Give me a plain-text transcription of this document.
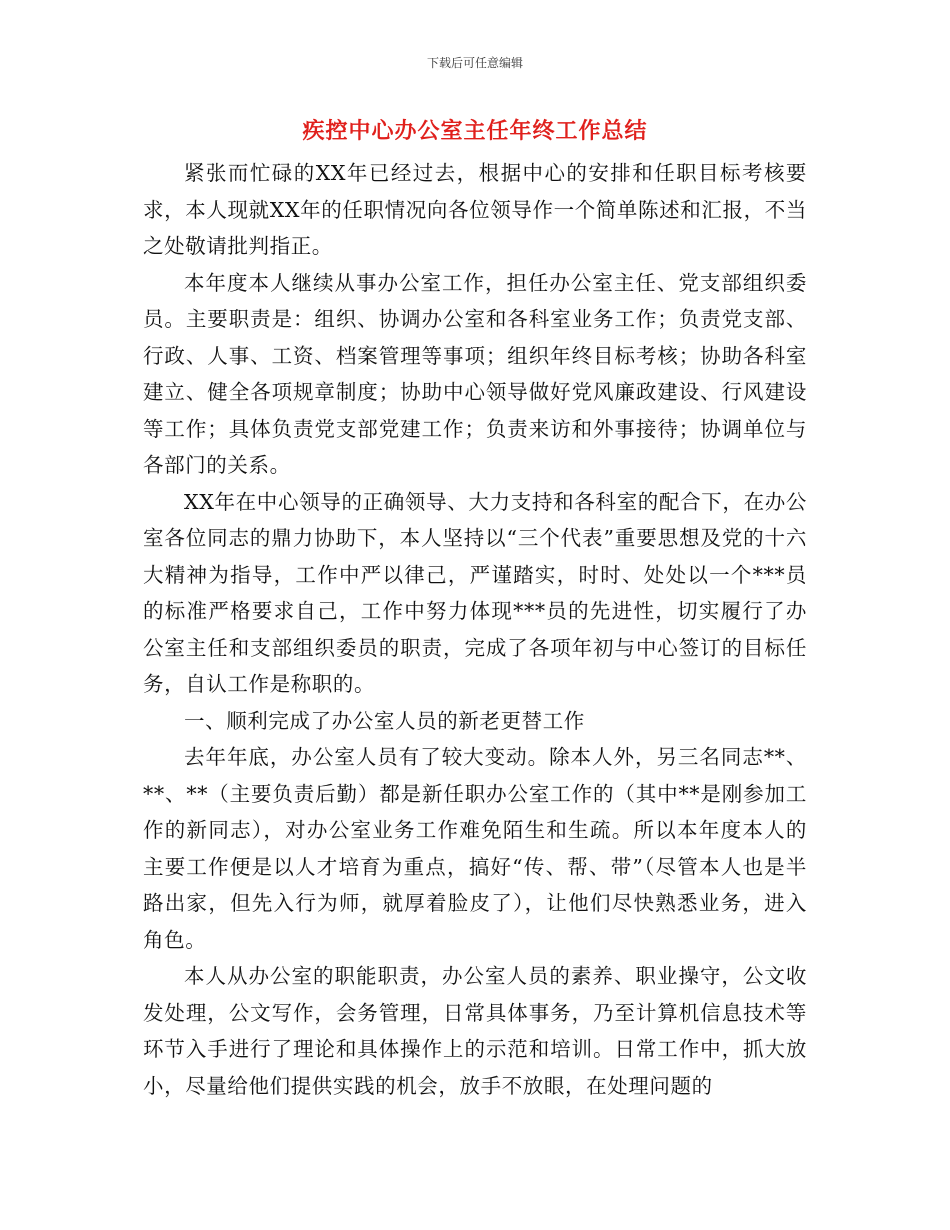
下载后可任意编辑
疾控中心办公室主任年终工作总结

紧张而忙碌的XX年已经过去，根据中心的安排和任职目标考核要求，本人现就XX年的任职情况向各位领导作一个简单陈述和汇报，不当之处敬请批判指正。

本年度本人继续从事办公室工作，担任办公室主任、党支部组织委员。主要职责是：组织、协调办公室和各科室业务工作；负责党支部、行政、人事、工资、档案管理等事项；组织年终目标考核；协助各科室建立、健全各项规章制度；协助中心领导做好党风廉政建设、行风建设等工作；具体负责党支部党建工作；负责来访和外事接待；协调单位与各部门的关系。

XX年在中心领导的正确领导、大力支持和各科室的配合下，在办公室各位同志的鼎力协助下，本人坚持以“三个代表”重要思想及党的十六大精神为指导，工作中严以律己，严谨踏实，时时、处处以一个***员的标准严格要求自己，工作中努力体现***员的先进性，切实履行了办公室主任和支部组织委员的职责，完成了各项年初与中心签订的目标任务，自认工作是称职的。

一、顺利完成了办公室人员的新老更替工作

去年年底，办公室人员有了较大变动。除本人外，另三名同志**、**、**（主要负责后勤）都是新任职办公室工作的（其中**是刚参加工作的新同志），对办公室业务工作难免陌生和生疏。所以本年度本人的主要工作便是以人才培育为重点，搞好“传、帮、带”（尽管本人也是半路出家，但先入行为师，就厚着脸皮了），让他们尽快熟悉业务，进入角色。

本人从办公室的职能职责，办公室人员的素养、职业操守，公文收发处理，公文写作，会务管理，日常具体事务，乃至计算机信息技术等环节入手进行了理论和具体操作上的示范和培训。日常工作中，抓大放小，尽量给他们提供实践的机会，放手不放眼，在处理问题的
